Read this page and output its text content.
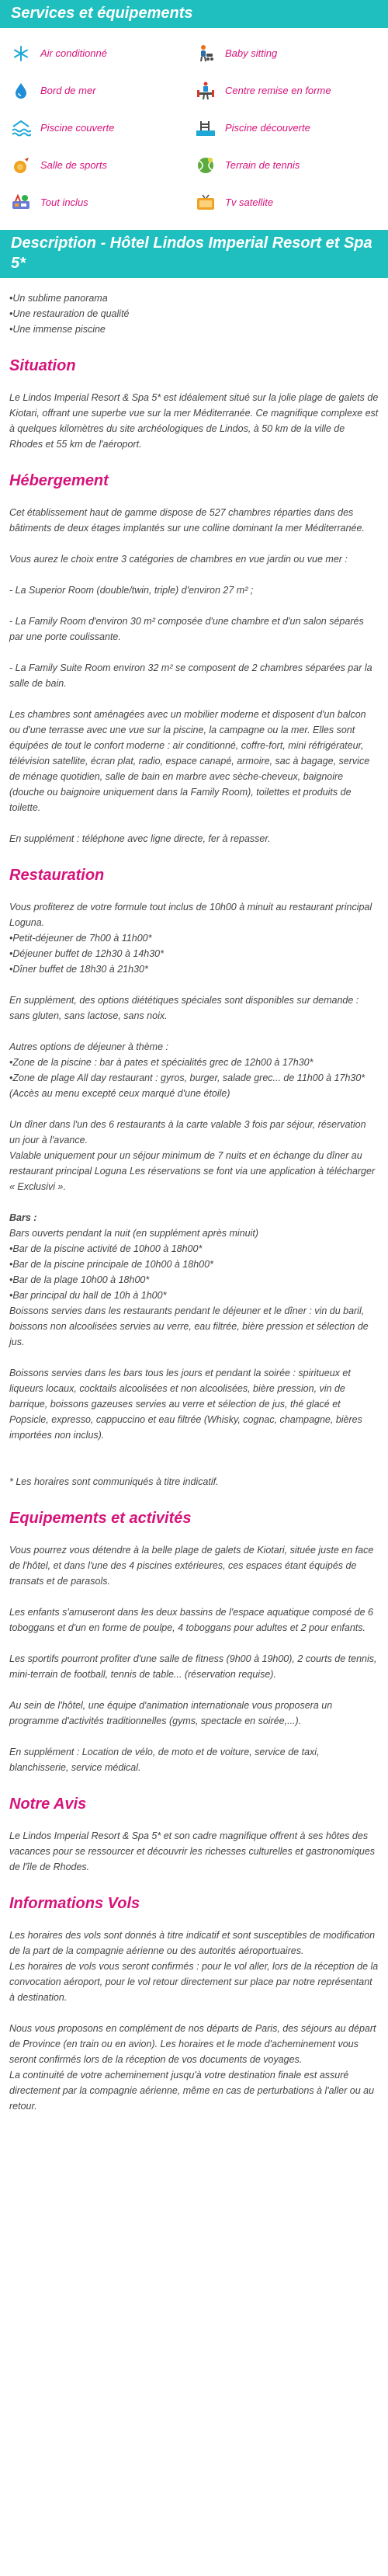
Services et équipements
Air conditionné	Baby sitting
Bord de mer	Centre remise en forme
Piscine couverte	Piscine découverte
Salle de sports	Terrain de tennis
Tout inclus	Tv satellite
Description - Hôtel Lindos Imperial Resort et Spa 5*
• Un sublime panorama
• Une restauration de qualité
• Une immense piscine
Situation

Le Lindos Imperial Resort & Spa 5* est idéalement situé sur la jolie plage de galets de Kiotari, offrant une superbe vue sur la mer Méditerranée. Ce magnifique complexe est à quelques kilomètres du site archéologiques de Lindos, à 50 km de la ville de Rhodes et 55 km de l'aéroport.

Hébergement

Cet établissement haut de gamme dispose de 527 chambres réparties dans des bâtiments de deux étages implantés sur une colline dominant la mer Méditerranée.

Vous aurez le choix entre 3 catégories de chambres en vue jardin ou vue mer :

- La Superior Room (double/twin, triple) d'environ 27 m² ;

- La Family Room d'environ 30 m² composée d'une chambre et d'un salon séparés par une porte coulissante.

- La Family Suite Room environ 32 m² se composent de 2 chambres séparées par la salle de bain.

Les chambres sont aménagées avec un mobilier moderne et disposent d'un balcon ou d'une terrasse avec une vue sur la piscine, la campagne ou la mer. Elles sont équipées de tout le confort moderne : air conditionné, coffre-fort, mini réfrigérateur, télévision satellite, écran plat, radio, espace canapé, armoire, sac à bagage, service de ménage quotidien, salle de bain en marbre avec sèche-cheveux, baignoire (douche ou baignoire uniquement dans la Family Room), toilettes et produits de toilette.

En supplément : téléphone avec ligne directe, fer à repasser.

Restauration

Vous profiterez de votre formule tout inclus de 10h00 à minuit au restaurant principal Loguna.

• Petit-déjeuner de 7h00 à 11h00*
• Déjeuner buffet de 12h30 à 14h30*
• Dîner buffet de 18h30 à 21h30*

En supplément, des options diététiques spéciales sont disponibles sur demande : sans gluten, sans lactose, sans noix.

Autres options de déjeuner à thème :

• Zone de la piscine : bar à pates et spécialités grec de 12h00 à 17h30*
• Zone de plage All day restaurant : gyros, burger, salade grec... de 11h00 à 17h30*

(Accès au menu excepté ceux marqué d'une étoile)

Un dîner dans l'un des 6 restaurants à la carte valable 3 fois par séjour, réservation un jour à l'avance.

Valable uniquement pour un séjour minimum de 7 nuits et en échange du dîner au restaurant principal Loguna Les réservations se font via une application à télécharger « Exclusivi ».

Bars :

Bars ouverts pendant la nuit (en supplément après minuit)

• Bar de la piscine activité de 10h00 à 18h00*
• Bar de la piscine principale de 10h00 à 18h00*
• Bar de la plage 10h00 à 18h00*
• Bar principal du hall de 10h à 1h00*

Boissons servies dans les restaurants pendant le déjeuner et le dîner : vin du baril, boissons non alcoolisées servies au verre, eau filtrée, bière pression et sélection de jus.

Boissons servies dans les bars tous les jours et pendant la soirée : spiritueux et liqueurs locaux, cocktails alcoolisées et non alcoolisées, bière pression, vin de barrique, boissons gazeuses servies au verre et sélection de jus, thé glacé et Popsicle, expresso, cappuccino et eau filtrée (Whisky, cognac, champagne, bières importées non inclus).

* Les horaires sont communiqués à titre indicatif.

Equipements et activités

Vous pourrez vous détendre à la belle plage de galets de Kiotari, située juste en face de l'hôtel, et dans l'une des 4 piscines extérieures, ces espaces étant équipés de transats et de parasols.

Les enfants s'amuseront dans les deux bassins de l'espace aquatique composé de 6 toboggans et d'un en forme de poulpe, 4 toboggans pour adultes et 2 pour enfants.

Les sportifs pourront profiter d'une salle de fitness (9h00 à 19h00), 2 courts de tennis, mini-terrain de football, tennis de table... (réservation requise).

Au sein de l'hôtel, une équipe d'animation internationale vous proposera un programme d'activités traditionnelles (gyms, spectacle en soirée,...).

En supplément : Location de vélo, de moto et de voiture, service de taxi, blanchisserie, service médical.

Notre Avis

Le Lindos Imperial Resort & Spa 5* et son cadre magnifique offrent à ses hôtes des vacances pour se ressourcer et découvrir les richesses culturelles et gastronomiques de l'île de Rhodes.

Informations Vols

Les horaires des vols sont donnés à titre indicatif et sont susceptibles de modification de la part de la compagnie aérienne ou des autorités aéroportuaires.

Les horaires de vols vous seront confirmés : pour le vol aller, lors de la réception de la convocation aéroport, pour le vol retour directement sur place par notre représentant à destination.

Nous vous proposons en complément de nos départs de Paris, des séjours au départ de Province (en train ou en avion). Les horaires et le mode d'acheminement vous seront confirmés lors de la réception de vos documents de voyages.

La continuité de votre acheminement jusqu'à votre destination finale est assuré directement par la compagnie aérienne, même en cas de perturbations à l'aller ou au retour.
